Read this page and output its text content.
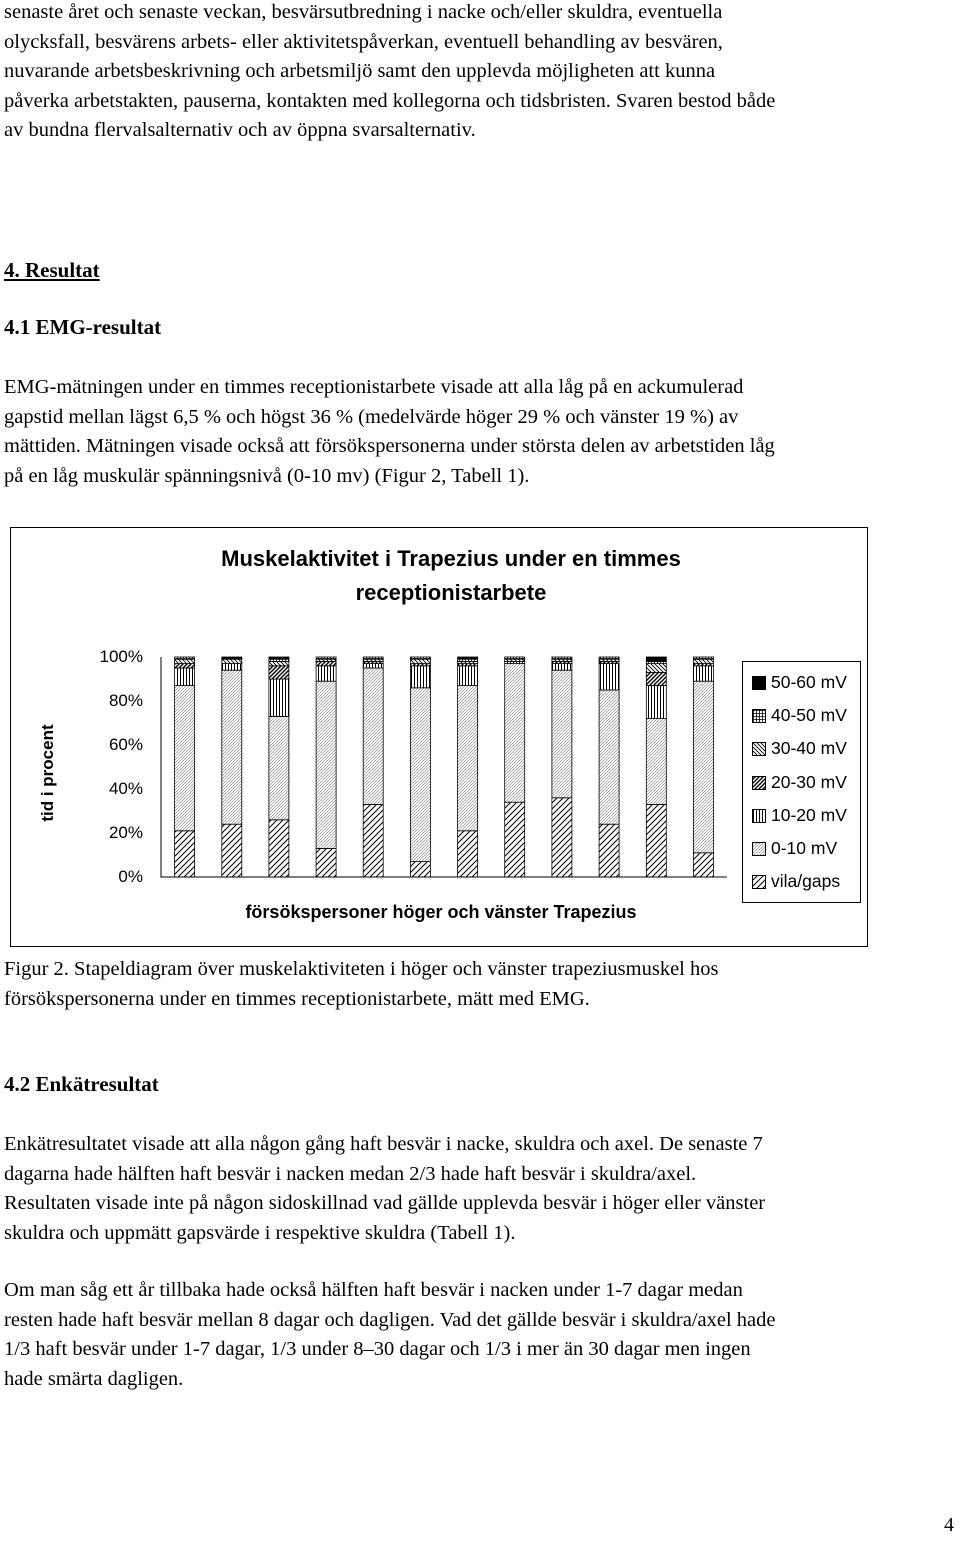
senaste året och senaste veckan, besvärsutbredning i nacke och/eller skuldra, eventuella
olycksfall, besvärens arbets- eller aktivitetspåverkan, eventuell behandling av besvären,
nuvarande arbetsbeskrivning och arbetsmiljö samt den upplevda möjligheten att kunna
påverka arbetstakten, pauserna, kontakten med kollegorna och tidsbristen. Svaren bestod både
av bundna flervalsalternativ och av öppna svarsalternativ.
4. Resultat
4.1 EMG-resultat
EMG-mätningen under en timmes receptionistarbete visade att alla låg på en ackumulerad
gapstid mellan lägst 6,5 % och högst 36 % (medelvärde höger 29 % och vänster 19 %) av
mättiden. Mätningen visade också att försökspersonerna under största delen av arbetstiden låg
på en låg muskulär spänningsnivå (0-10 mv) (Figur 2, Tabell 1).
Muskelaktivitet i Trapezius under en timmes
receptionistarbete
tid i procent
0%
20%
40%
60%
80%
100%
försökspersoner höger och vänster Trapezius
50-60 mV
40-50 mV
30-40 mV
20-30 mV
10-20 mV
0-10 mV
vila/gaps
Figur 2. Stapeldiagram över muskelaktiviteten i höger och vänster trapeziusmuskel hos
försökspersonerna under en timmes receptionistarbete, mätt med EMG.
4.2 Enkätresultat
Enkätresultatet visade att alla någon gång haft besvär i nacke, skuldra och axel. De senaste 7
dagarna hade hälften haft besvär i nacken medan 2/3 hade haft besvär i skuldra/axel.
Resultaten visade inte på någon sidoskillnad vad gällde upplevda besvär i höger eller vänster
skuldra och uppmätt gapsvärde i respektive skuldra (Tabell 1).
Om man såg ett år tillbaka hade också hälften haft besvär i nacken under 1-7 dagar medan
resten hade haft besvär mellan 8 dagar och dagligen. Vad det gällde besvär i skuldra/axel hade
1/3 haft besvär under 1-7 dagar, 1/3 under 8–30 dagar och 1/3 i mer än 30 dagar men ingen
hade smärta dagligen.
4
